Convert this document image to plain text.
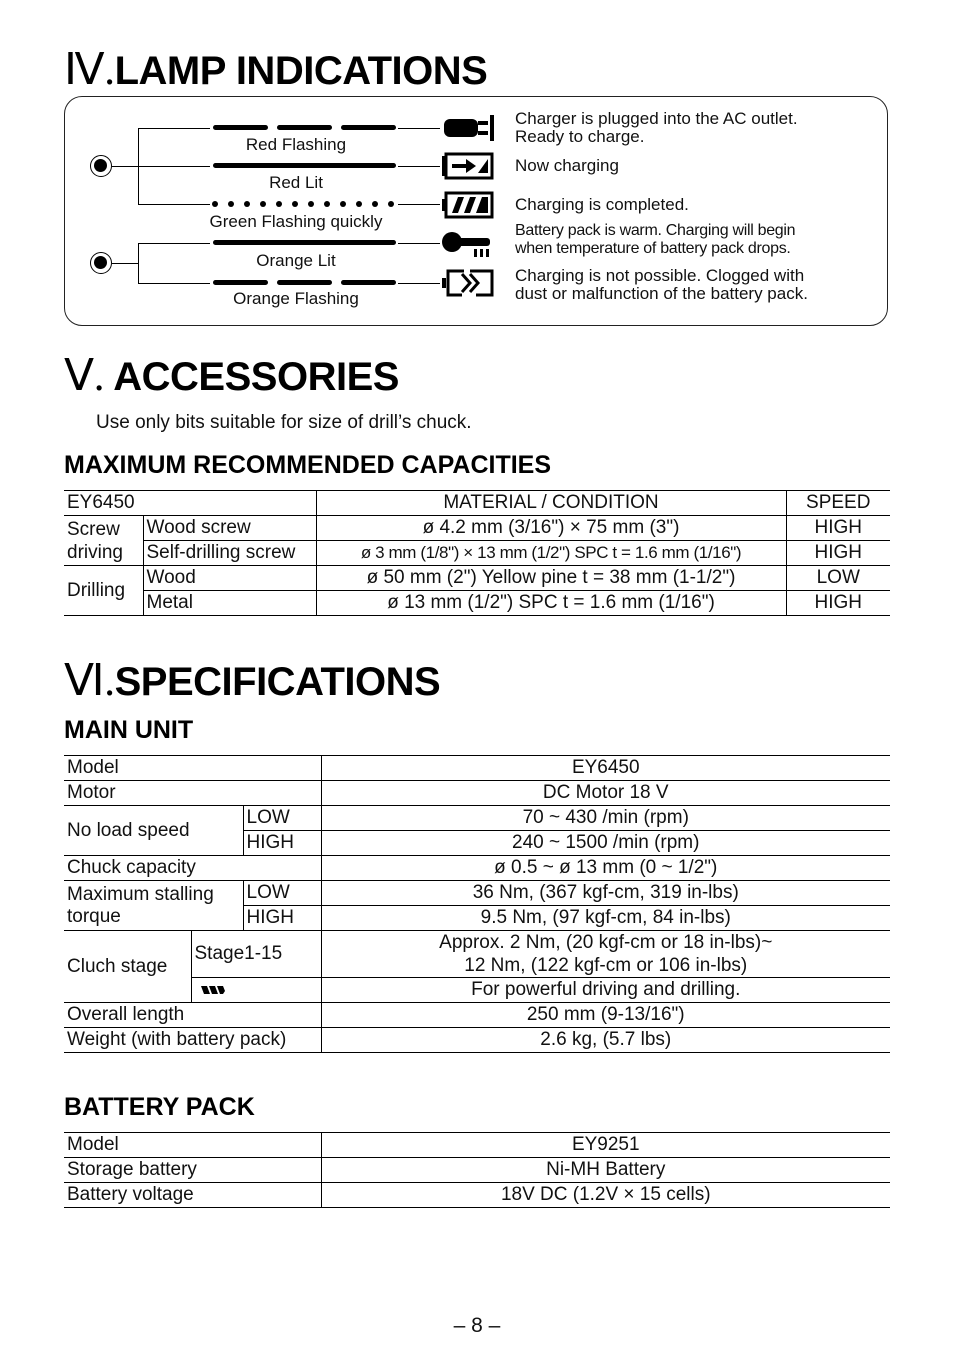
Ⅳ.LAMP INDICATIONS
Red Flashing
Red Lit
Green Flashing quickly
Orange Lit
Orange Flashing
Charger is plugged into the AC outlet.
Ready to charge.
Now charging
Charging is completed.
Battery pack is warm. Charging will begin
when temperature of battery pack drops.
Charging is not possible. Clogged with
dust or malfunction of the battery pack.
Ⅴ. ACCESSORIES
Use only bits suitable for size of drill’s chuck.
MAXIMUM RECOMMENDED CAPACITIES
EY6450		MATERIAL / CONDITION	SPEED
Screw driving	Wood screw	ø 4.2 mm (3/16") × 75 mm (3")	HIGH
	Self-drilling screw	ø 3 mm (1/8") × 13 mm (1/2") SPC t = 1.6 mm (1/16")	HIGH
Drilling	Wood	ø 50 mm (2") Yellow pine t = 38 mm (1-1/2")	LOW
	Metal	ø 13 mm (1/2") SPC t = 1.6 mm (1/16")	HIGH
Ⅵ.SPECIFICATIONS
MAIN UNIT
Model			EY6450
Motor			DC Motor 18 V
No load speed		LOW	70 ~ 430 /min (rpm)
		HIGH	240 ~ 1500 /min (rpm)
Chuck capacity			ø 0.5 ~ ø 13 mm (0 ~ 1/2")

Maximum stalling
torque		LOW	36 Nm, (367 kgf-cm, 319 in-lbs)
		HIGH	9.5 Nm, (97 kgf-cm, 84 in-lbs)
Cluch stage	Stage1-15		Approx. 2 Nm, (20 kgf-cm or 18 in-lbs)~
12 Nm, (122 kgf-cm or 106 in-lbs)

	For powerful driving and drilling.
Overall length			250 mm (9-13/16")
Weight (with battery pack)			2.6 kg, (5.7 lbs)
BATTERY PACK
Model	EY9251
Storage battery	Ni-MH Battery
Battery voltage	18V DC (1.2V × 15 cells)
– 8 –
